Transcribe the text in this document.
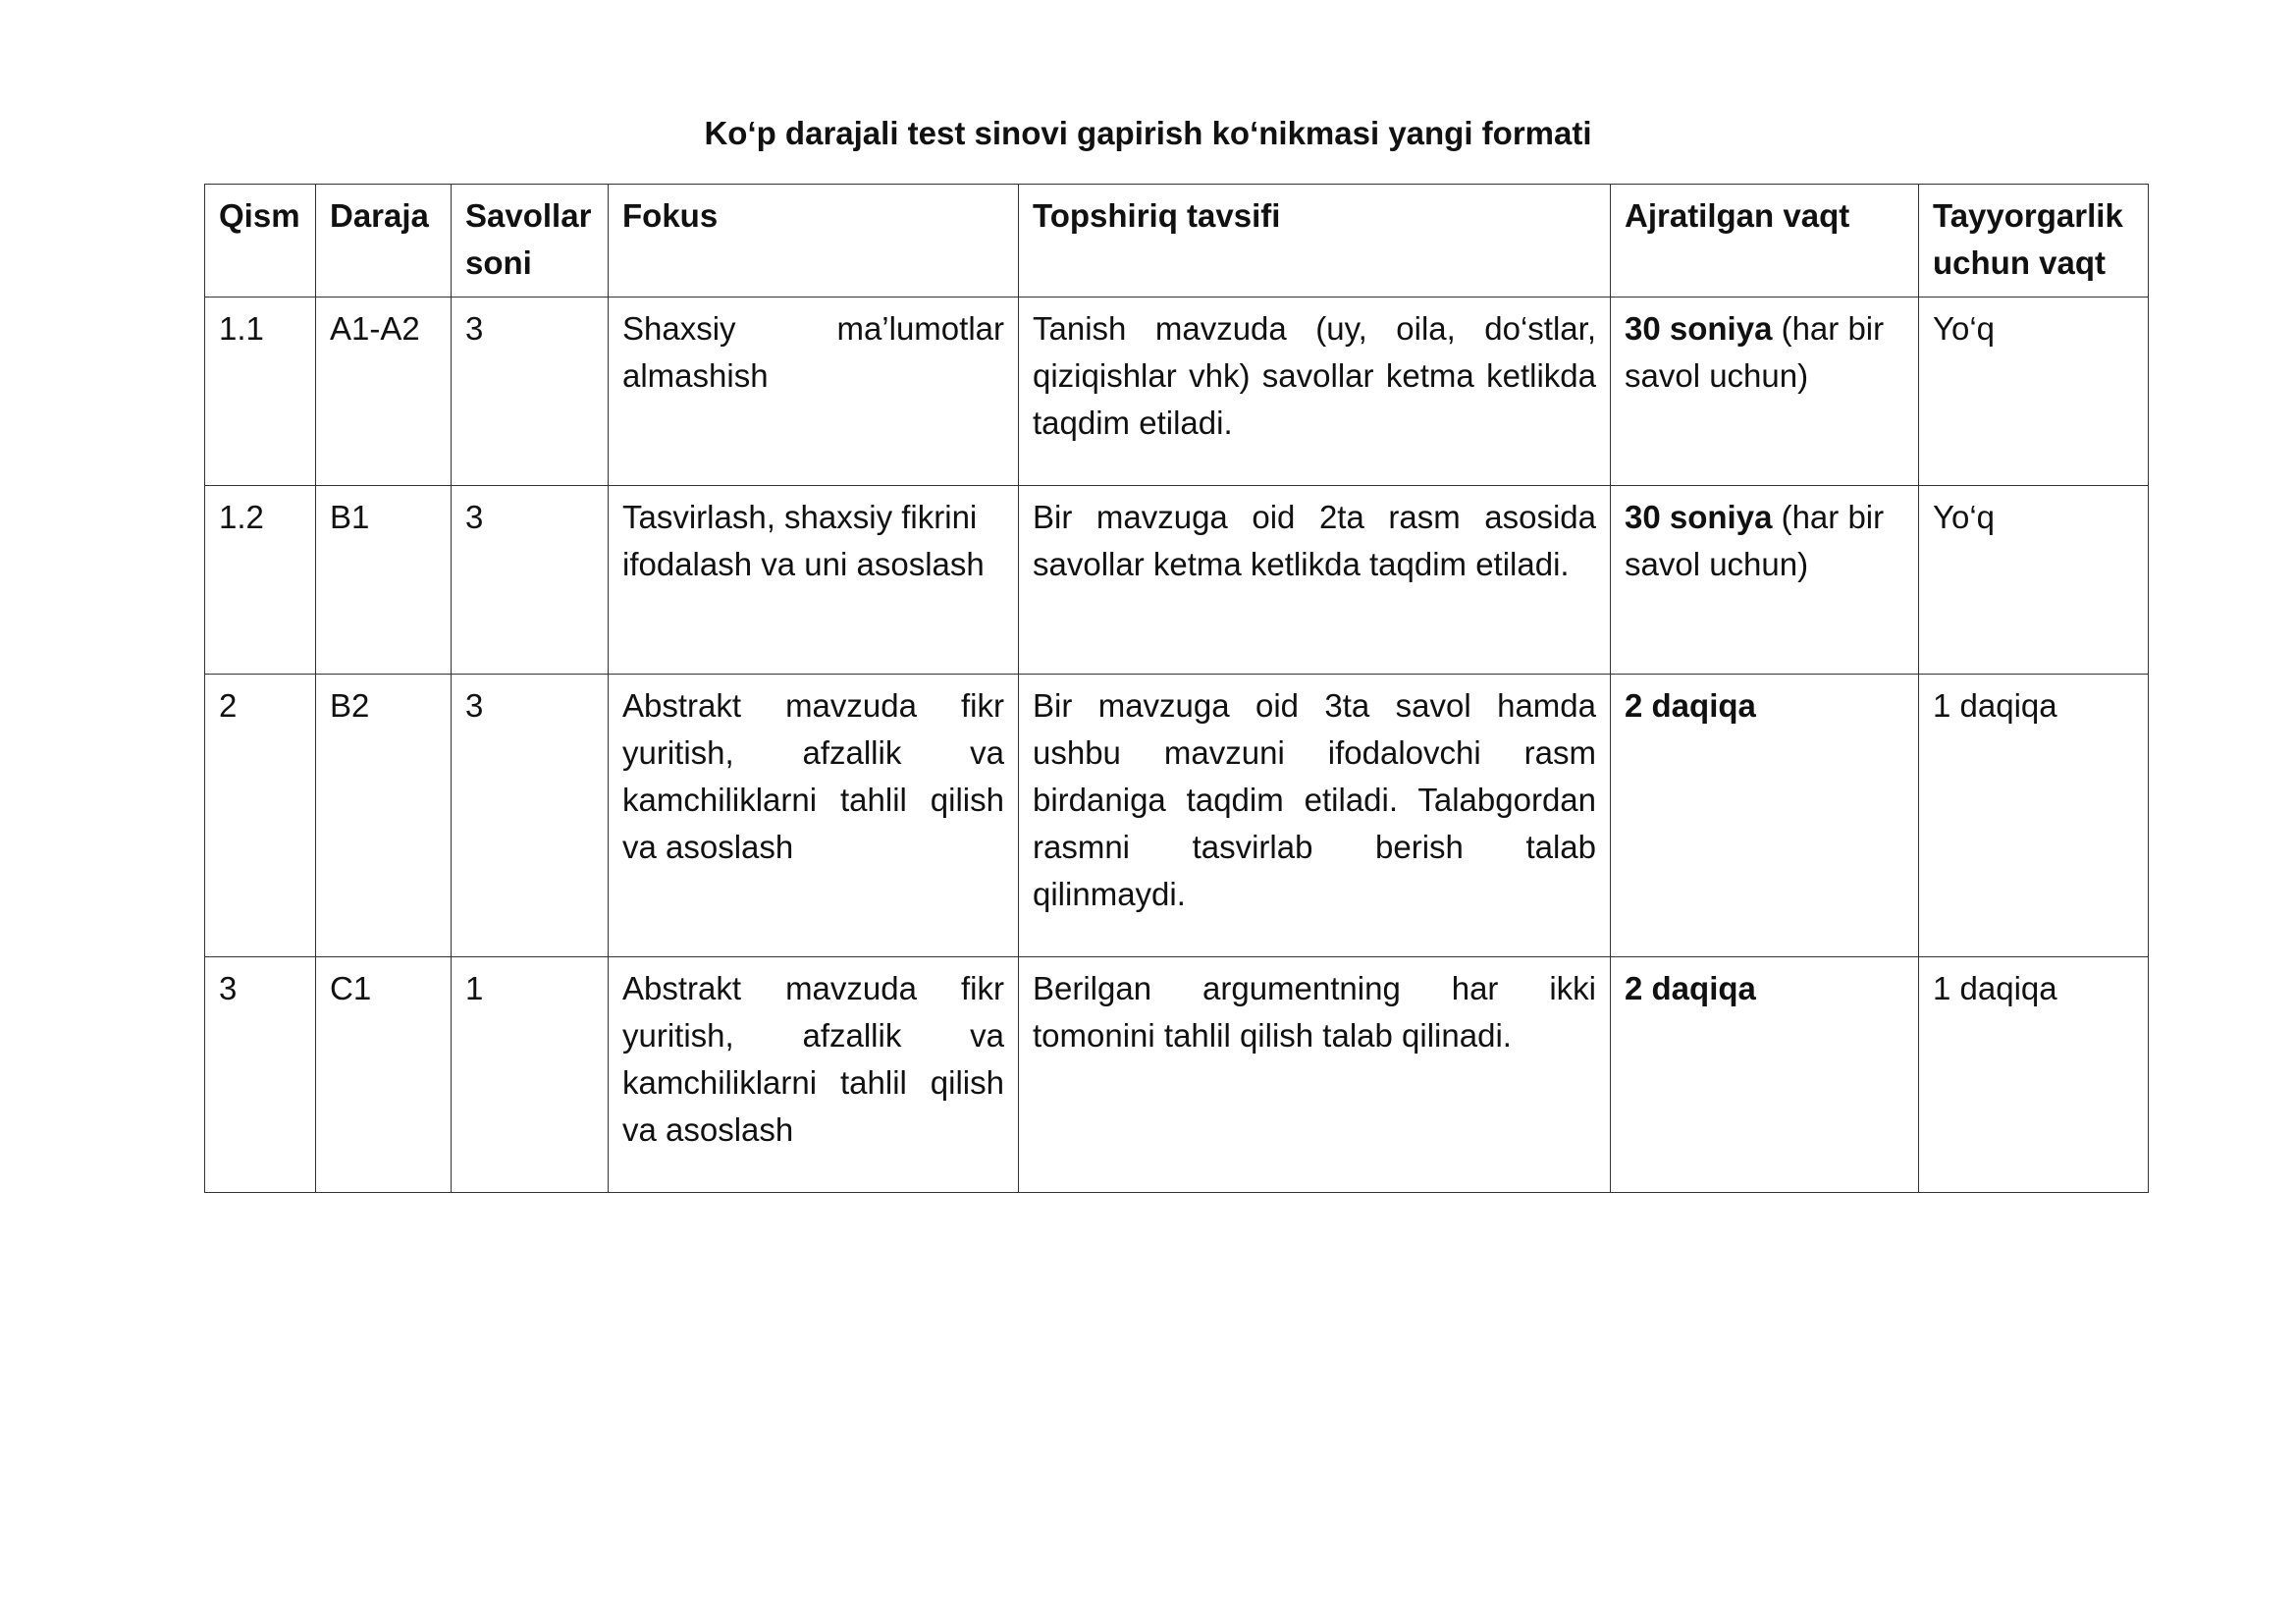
Ko‘p darajali test sinovi gapirish ko‘nikmasi yangi formati
Qism	Daraja	Savollar soni	Fokus	Topshiriq tavsifi	Ajratilgan vaqt	Tayyorgarlik uchun vaqt
1.1	A1-A2	3	Shaxsiy ma’lumotlar almashish	Tanish mavzuda (uy, oila, do‘stlar, qiziqishlar vhk) savollar ketma ketlikda taqdim etiladi.	30 soniya (har bir savol uchun)	Yo‘q
1.2	B1	3	Tasvirlash, shaxsiy fikrini ifodalash va uni asoslash	Bir mavzuga oid 2ta rasm asosida savollar ketma ketlikda taqdim etiladi.	30 soniya (har bir savol uchun)	Yo‘q
2	B2	3	Abstrakt mavzuda fikr yuritish, afzallik va kamchiliklarni tahlil qilish va asoslash	Bir mavzuga oid 3ta savol hamda ushbu mavzuni ifodalovchi rasm birdaniga taqdim etiladi. Talabgordan rasmni tasvirlab berish talab qilinmaydi.	2 daqiqa	1 daqiqa
3	C1	1	Abstrakt mavzuda fikr yuritish, afzallik va kamchiliklarni tahlil qilish va asoslash	Berilgan argumentning har ikki tomonini tahlil qilish talab qilinadi.	2 daqiqa	1 daqiqa
